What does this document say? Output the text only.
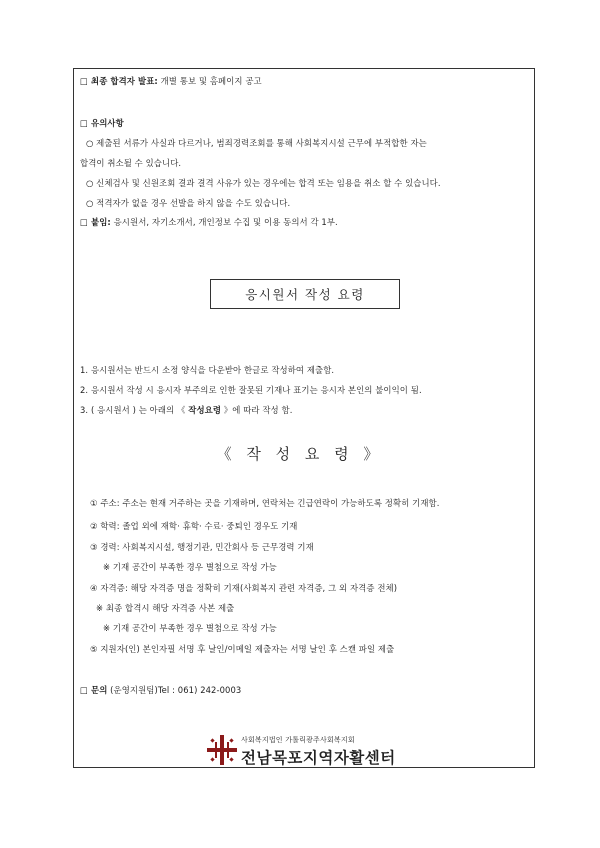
□ 최종 합격자 발표: 개별 통보 및 홈페이지 공고
□ 유의사항
○ 제출된 서류가 사실과 다르거나, 범죄경력조회를 통해 사회복지시설 근무에 부적합한 자는
합격이 취소될 수 있습니다.
○ 신체검사 및 신원조회 결과 결격 사유가 있는 경우에는 합격 또는 임용을 취소 할 수 있습니다.
○ 적격자가 없을 경우 선발을 하지 않을 수도 있습니다.
□ 붙임: 응시원서, 자기소개서, 개인정보 수집 및 이용 동의서 각 1부.
응시원서 작성 요령
1. 응시원서는 반드시 소정 양식을 다운받아 한글로 작성하여 제출함.
2. 응시원서 작성 시 응시자 부주의로 인한 잘못된 기재나 표기는 응시자 본인의 불이익이 됨.
3. ( 응시원서 ) 는 아래의 《 작성요령 》에 따라 작성 함.
《 작 성 요 령 》
① 주소: 주소는 현재 거주하는 곳을 기재하며, 연락처는 긴급연락이 가능하도록 정확히 기재함.
② 학력: 졸업 외에 재학· 휴학· 수료· 중퇴인 경우도 기재
③ 경력: 사회복지시설, 행정기관, 민간회사 등 근무경력 기재
※ 기재 공간이 부족한 경우 별첨으로 작성 가능
④ 자격증: 해당 자격증 명을 정확히 기재(사회복지 관련 자격증, 그 외 자격증 전체)
※ 최종 합격시 해당 자격증 사본 제출
※ 기재 공간이 부족한 경우 별첨으로 작성 가능
⑤ 지원자(인) 본인자필 서명 후 날인/이메일 제출자는 서명 날인 후 스캔 파일 제출
□ 문의 (운영지원팀)Tel : 061) 242-0003
사회복지법인 가톨릭광주사회복지회
전남목포지역자활센터
